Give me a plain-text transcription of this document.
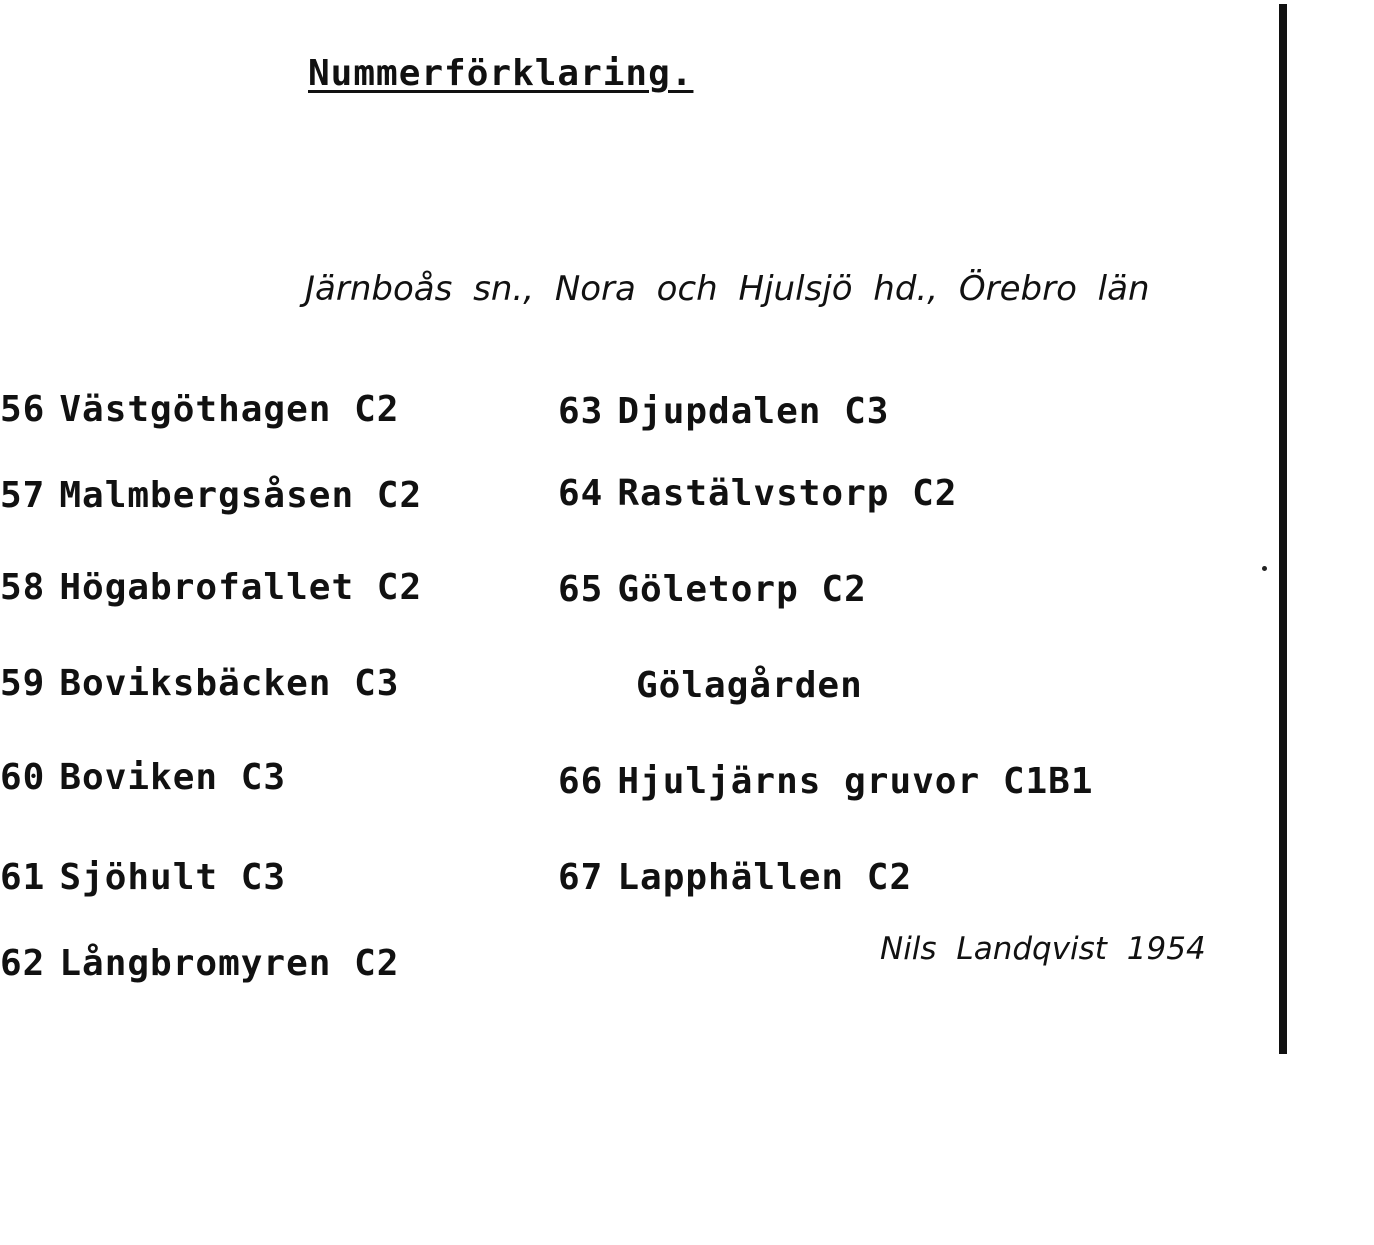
Nummerförklaring.
Järnboås sn., Nora och Hjulsjö hd., Örebro län
56 Västgöthagen C2
57 Malmbergsåsen C2
58 Högabrofallet C2
59 Boviksbäcken C3
60 Boviken C3
61 Sjöhult C3
62 Långbromyren C2
63 Djupdalen C3
64 Rastälvstorp C2
65 Göletorp C2
Gölagården
66 Hjuljärns gruvor C1B1
67 Lapphällen C2
Nils Landqvist 1954
